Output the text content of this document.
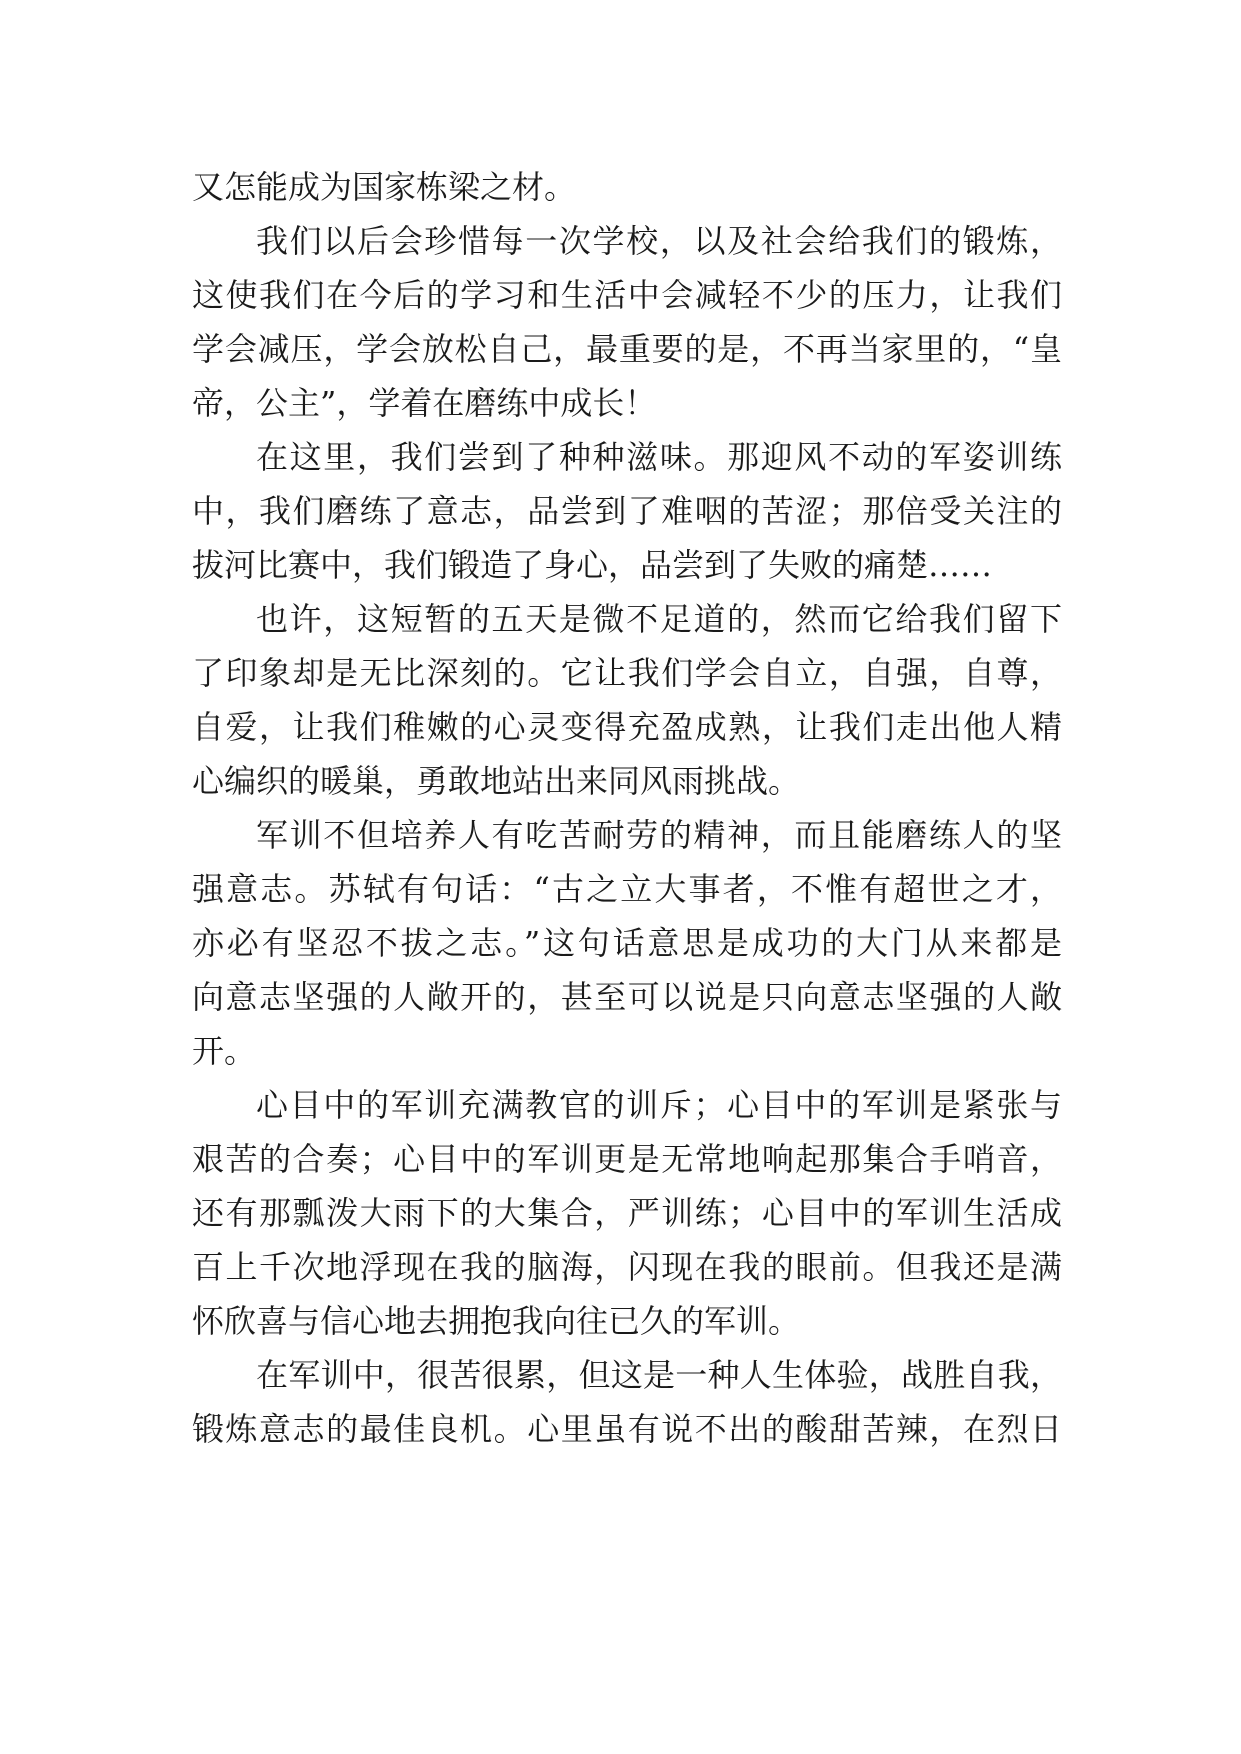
又怎能成为国家栋梁之材。
我们以后会珍惜每一次学校，以及社会给我们的锻炼，
这使我们在今后的学习和生活中会减轻不少的压力，让我们
学会减压，学会放松自己，最重要的是，不再当家里的，“皇
帝，公主”，学着在磨练中成长！
在这里，我们尝到了种种滋味。那迎风不动的军姿训练
中，我们磨练了意志，品尝到了难咽的苦涩；那倍受关注的
拔河比赛中，我们锻造了身心，品尝到了失败的痛楚……
也许，这短暂的五天是微不足道的，然而它给我们留下
了印象却是无比深刻的。它让我们学会自立，自强，自尊，
自爱，让我们稚嫩的心灵变得充盈成熟，让我们走出他人精
心编织的暖巢，勇敢地站出来同风雨挑战。
军训不但培养人有吃苦耐劳的精神，而且能磨练人的坚
强意志。苏轼有句话：“古之立大事者，不惟有超世之才，
亦必有坚忍不拔之志。”这句话意思是成功的大门从来都是
向意志坚强的人敞开的，甚至可以说是只向意志坚强的人敞
开。
心目中的军训充满教官的训斥；心目中的军训是紧张与
艰苦的合奏；心目中的军训更是无常地响起那集合手哨音，
还有那瓢泼大雨下的大集合，严训练；心目中的军训生活成
百上千次地浮现在我的脑海，闪现在我的眼前。但我还是满
怀欣喜与信心地去拥抱我向往已久的军训。
在军训中，很苦很累，但这是一种人生体验，战胜自我，
锻炼意志的最佳良机。心里虽有说不出的酸甜苦辣，在烈日
